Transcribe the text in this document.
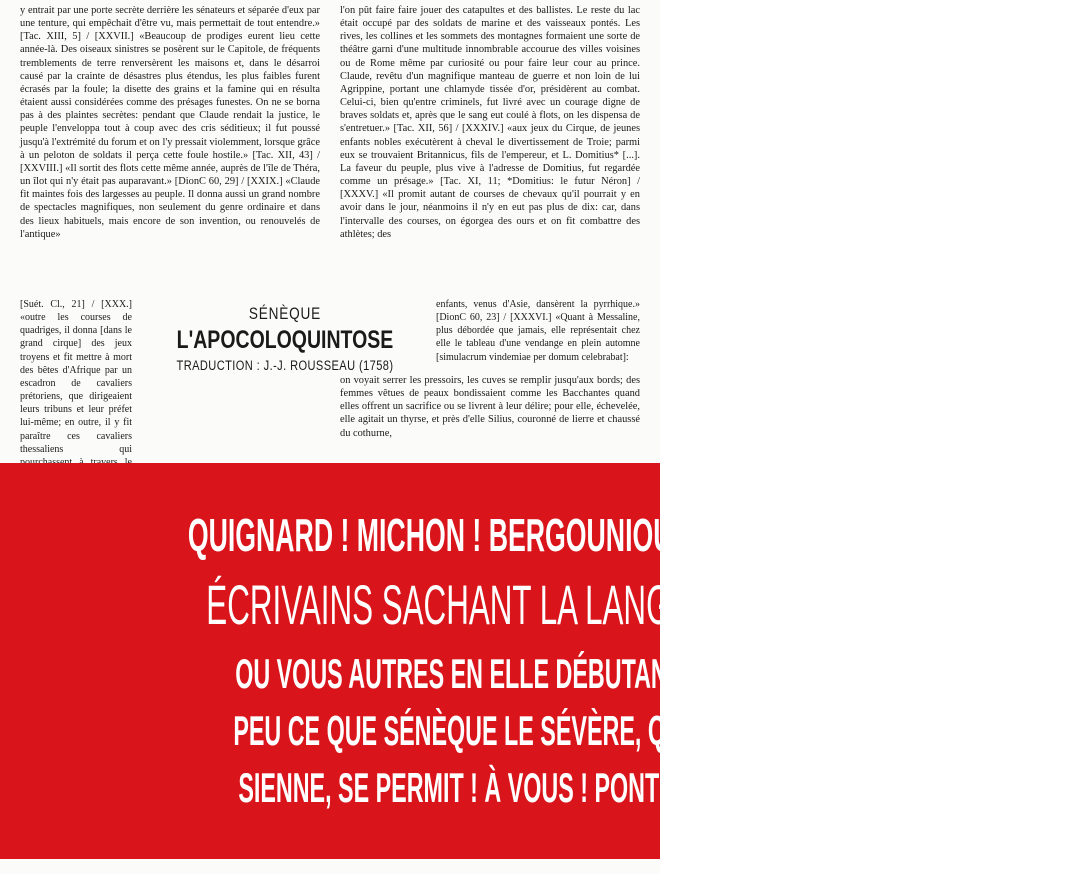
y entrait par une porte secrète derrière les sénateurs et séparée d'eux par une tenture, qui empêchait d'être vu, mais permettait de tout entendre.» [Tac. XIII, 5] / [XXVII.] «Beaucoup de prodiges eurent lieu cette année-là. Des oiseaux sinistres se posèrent sur le Capitole, de fréquents tremblements de terre renversèrent les maisons et, dans le désarroi causé par la crainte de désastres plus étendus, les plus faibles furent écrasés par la foule; la disette des grains et la famine qui en résulta étaient aussi considérées comme des présages funestes. On ne se borna pas à des plaintes secrètes: pendant que Claude rendait la justice, le peuple l'enveloppa tout à coup avec des cris séditieux; il fut poussé jusqu'à l'extrémité du forum et on l'y pressait violemment, lorsque grâce à un peloton de soldats il perça cette foule hostile.» [Tac. XII, 43] / [XXVIII.] «Il sortit des flots cette même année, auprès de l'île de Théra, un îlot qui n'y était pas auparavant.» [DionC 60, 29] / [XXIX.] «Claude fit maintes fois des largesses au peuple. Il donna aussi un grand nombre de spectacles magnifiques, non seulement du genre ordinaire et dans des lieux habituels, mais encore de son invention, ou renouvelés de l'antique»

[Suét. Cl., 21] / [XXX.] «outre les courses de quadriges, il donna [dans le grand cirque] des jeux troyens et fit mettre à mort des bêtes d'Afrique par un escadron de cavaliers prétoriens, que dirigeaient leurs tribuns et leur préfet lui-même; en outre, il y fit paraître ces cavaliers thessaliens qui

l'on pût faire faire jouer des catapultes et des ballistes. Le reste du lac était occupé par des soldats de marine et des vaisseaux pontés. Les rives, les collines et les sommets des montagnes formaient une sorte de théâtre garni d'une multitude innombrable accourue des villes voisines ou de Rome même par curiosité ou pour faire leur cour au prince. Claude, revêtu d'un magnifique manteau de guerre et non loin de lui Agrippine, portant une chlamyde tissée d'or, présidèrent au combat. Celui-ci, bien qu'entre criminels, fut livré avec un courage digne de braves soldats et, après que le sang eut coulé à flots, on les dispensa de s'entretuer.» [Tac. XII, 56] / [XXXIV.] «aux jeux du Cirque, de jeunes enfants nobles exécutèrent à cheval le divertissement de Troie; parmi eux se trouvaient Britannicus, fils de l'empereur, et L. Domitius* [...]. La faveur du peuple, plus vive à l'adresse de Domitius, fut regardée comme un présage.» [Tac. XI, 11; *Domitius: le futur Néron] / [XXXV.] «Il promit autant de courses de chevaux qu'il pourrait y en avoir dans le jour, néanmoins il n'y en eut pas plus de dix: car, dans l'intervalle des courses, on égorgea des ours et on fit combattre des athlètes; des

enfants, venus d'Asie, dansèrent la pyrrhique.» [DionC 60, 23] / [XXXVI.] «Quant à Messaline, plus débordée que jamais, elle représentait chez elle le tableau d'une vendange en plein automne [simulacrum vindemiae per domum celebrabat]:

on voyait serrer les pressoirs, les cuves se remplir jusqu'aux bords; des femmes vêtues de peaux bondissaient comme les Bacchantes quand elles offrent un sacrifice ou se livrent à leur délire; pour elle, échevelée, elle agitait un thyrse, et près d'elle Silius, couronné de lierre et chaussé du cothurne,

SÉNÈQUE
L'APOCOLOQUINTOSE
TRADUCTION : J.-J. ROUSSEAU (1758)
QUIGNARD ! MICHON ! BERGOUNIOUX !
ÉCRIVAINS SACHANT LA LANGUE !
OU VOUS AUTRES EN ELLE DÉBUTANT ! VOYEZ UN
PEU CE QUE SÉNÈQUE LE SÉVÈRE, QUI SAVAIT LA
SIENNE, SE PERMIT ! À VOUS ! PONTCERQ LANCE...
